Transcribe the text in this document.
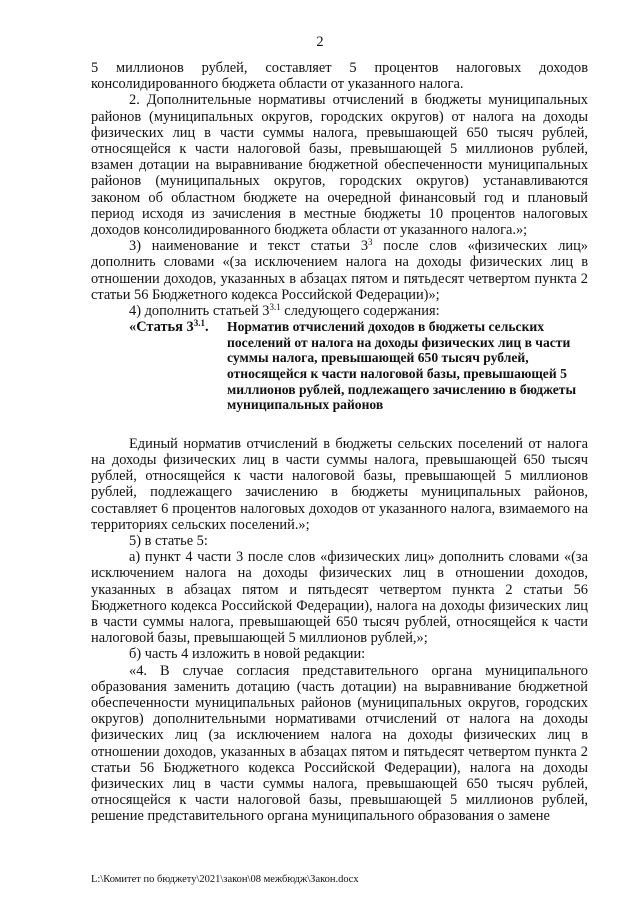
2

5 миллионов рублей, составляет 5 процентов налоговых доходов консолидированного бюджета области от указанного налога.

2. Дополнительные нормативы отчислений в бюджеты муниципальных районов (муниципальных округов, городских округов) от налога на доходы физических лиц в части суммы налога, превышающей 650 тысяч рублей, относящейся к части налоговой базы, превышающей 5 миллионов рублей, взамен дотации на выравнивание бюджетной обеспеченности муниципальных районов (муниципальных округов, городских округов) устанавливаются законом об областном бюджете на очередной финансовый год и плановый период исходя из зачисления в местные бюджеты 10 процентов налоговых доходов консолидированного бюджета области от указанного налога.»;

3) наименование и текст статьи $3^3$ после слов «физических лиц» дополнить словами «(за исключением налога на доходы физических лиц в отношении доходов, указанных в абзацах пятом и пятьдесят четвертом пункта 2 статьи 56 Бюджетного кодекса Российской Федерации)»;

4) дополнить статьей $3^{3.1}$ следующего содержания:

«Статья $3^{3.1}$.	Норматив отчислений доходов в бюджеты сельских поселений от налога на доходы физических лиц в части суммы налога, превышающей 650 тысяч рублей, относящейся к части налоговой базы, превышающей 5 миллионов рублей, подлежащего зачислению в бюджеты муниципальных районов

Единый норматив отчислений в бюджеты сельских поселений от налога на доходы физических лиц в части суммы налога, превышающей 650 тысяч рублей, относящейся к части налоговой базы, превышающей 5 миллионов рублей, подлежащего зачислению в бюджеты муниципальных районов, составляет 6 процентов налоговых доходов от указанного налога, взимаемого на территориях сельских поселений.»;

5) в статье 5:

а) пункт 4 части 3 после слов «физических лиц» дополнить словами «(за исключением налога на доходы физических лиц в отношении доходов, указанных в абзацах пятом и пятьдесят четвертом пункта 2 статьи 56 Бюджетного кодекса Российской Федерации), налога на доходы физических лиц в части суммы налога, превышающей 650 тысяч рублей, относящейся к части налоговой базы, превышающей 5 миллионов рублей,»;

б) часть 4 изложить в новой редакции:

«4. В случае согласия представительного органа муниципального образования заменить дотацию (часть дотации) на выравнивание бюджетной обеспеченности муниципальных районов (муниципальных округов, городских округов) дополнительными нормативами отчислений от налога на доходы физических лиц (за исключением налога на доходы физических лиц в отношении доходов, указанных в абзацах пятом и пятьдесят четвертом пункта 2 статьи 56 Бюджетного кодекса Российской Федерации), налога на доходы физических лиц в части суммы налога, превышающей 650 тысяч рублей, относящейся к части налоговой базы, превышающей 5 миллионов рублей, решение представительного органа муниципального образования о замене

L:\Комитет по бюджету\2021\закон\08 межбюдж\Закон.docx
